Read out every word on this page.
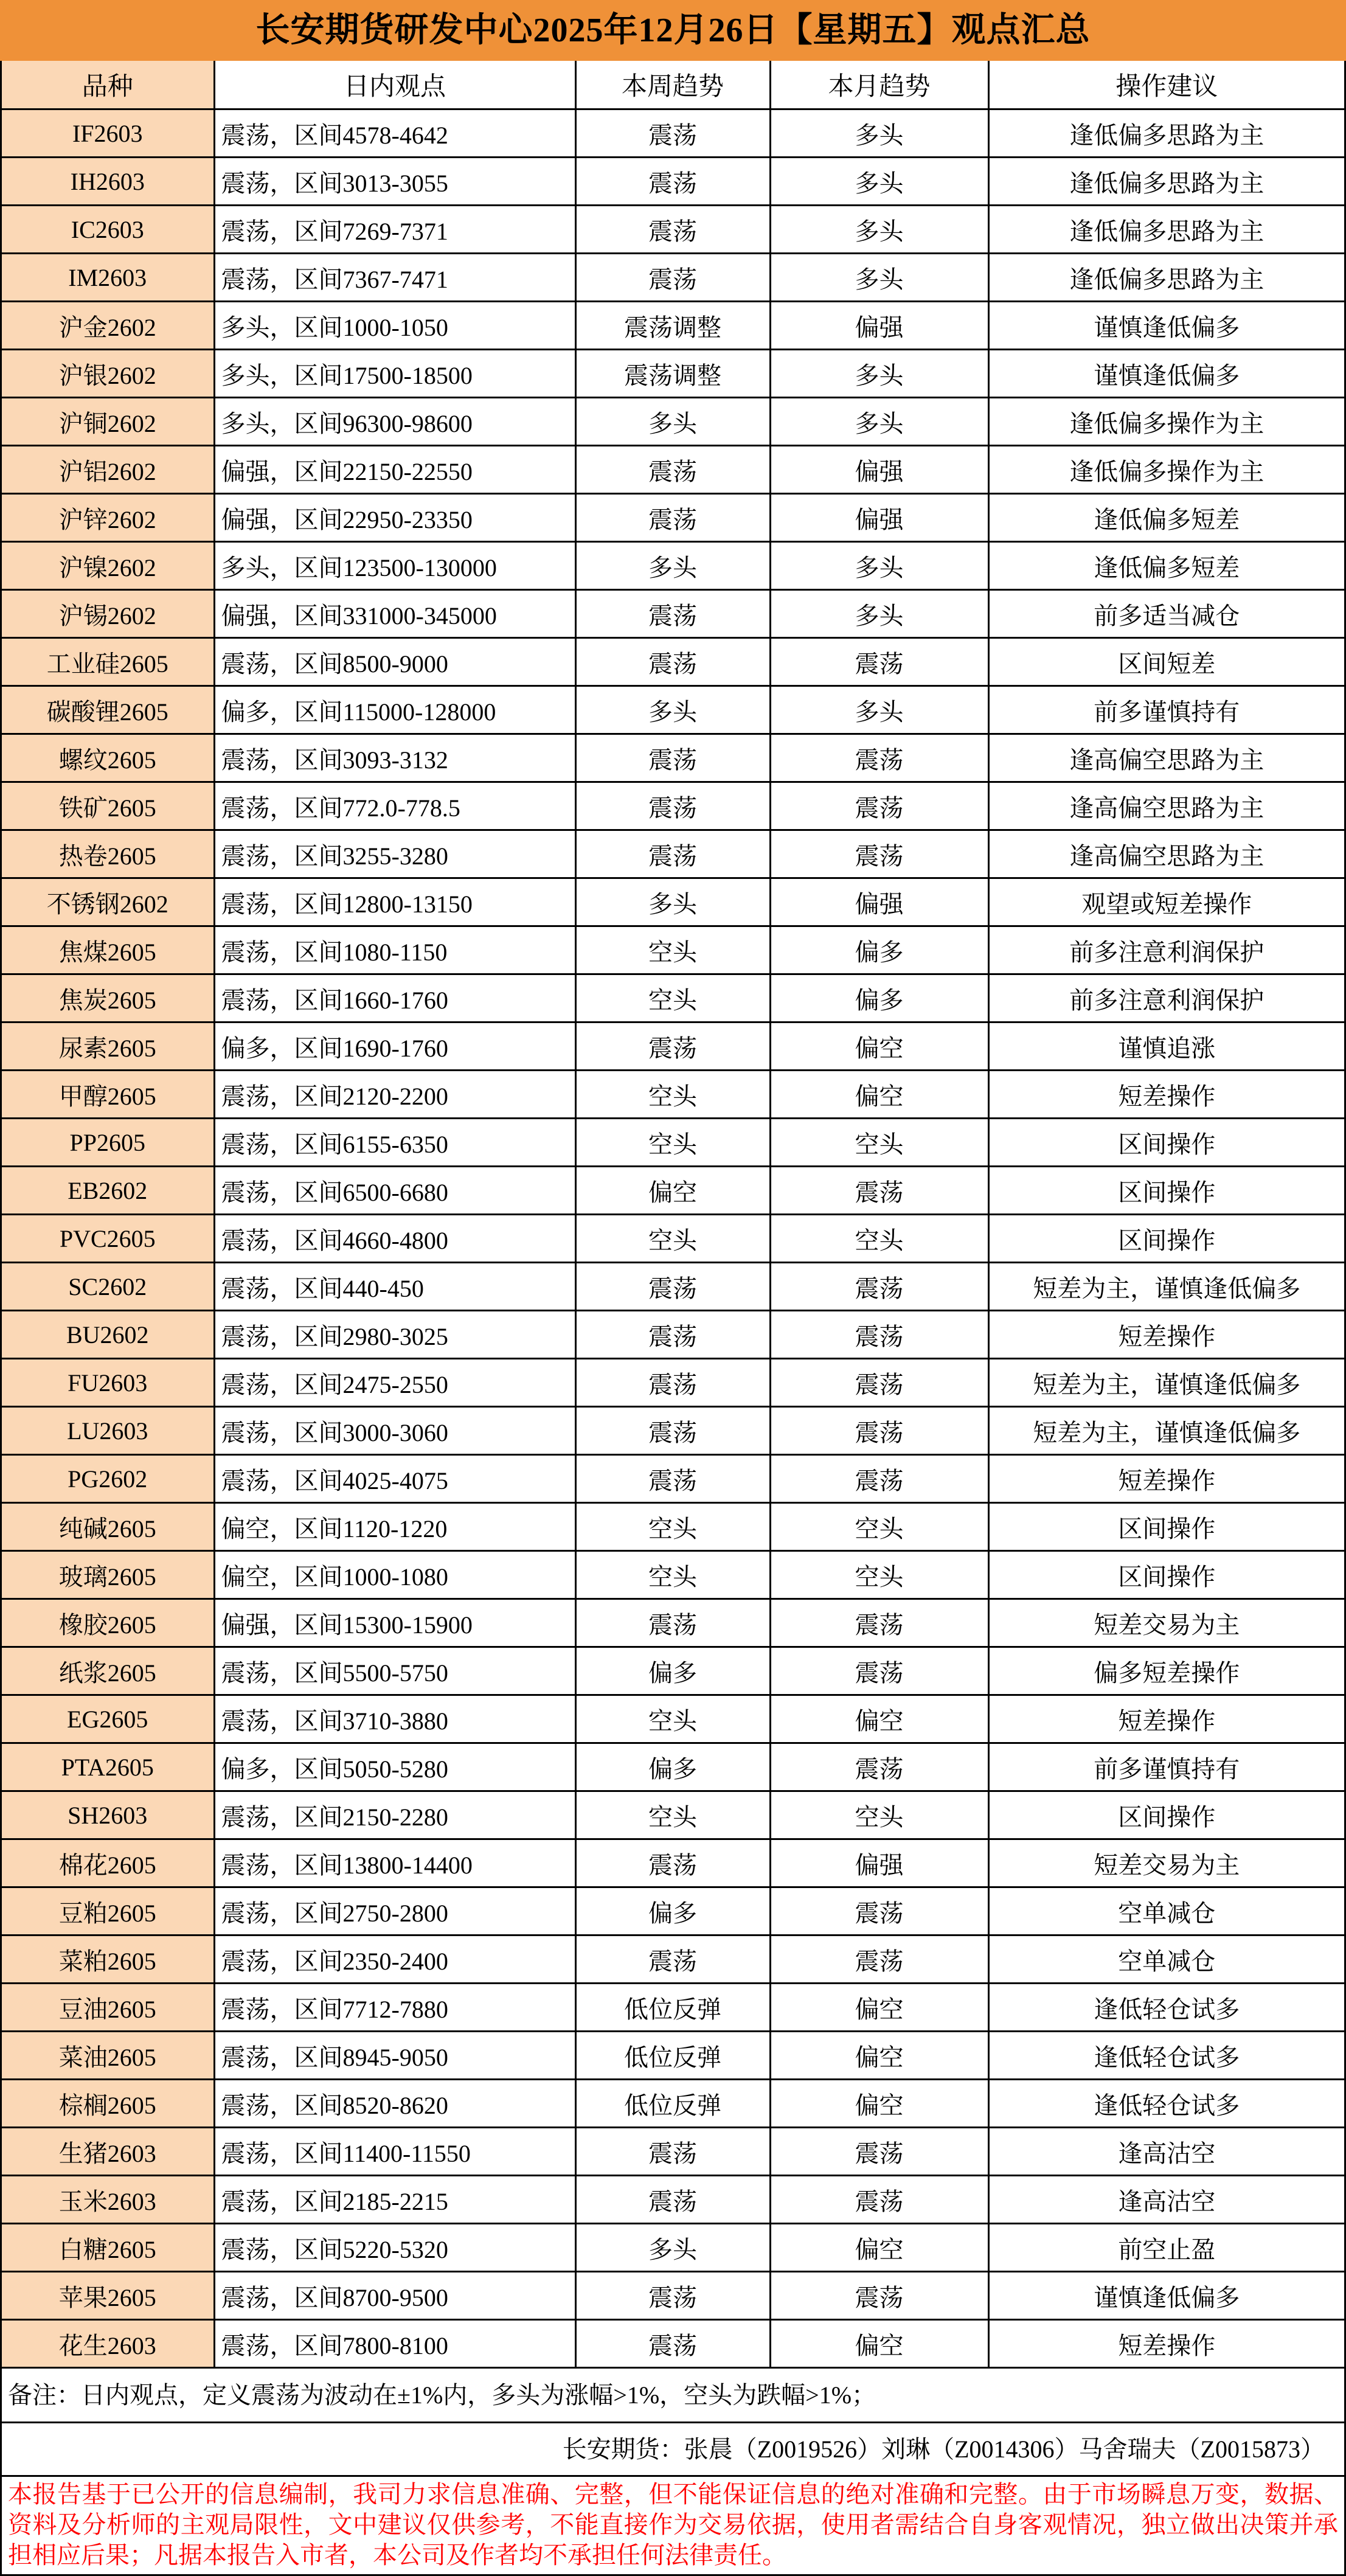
长安期货研发中心2025年12月26日【星期五】观点汇总
品种	日内观点	本周趋势	本月趋势	操作建议
IF2603	震荡，区间4578-4642	震荡	多头	逢低偏多思路为主
IH2603	震荡，区间3013-3055	震荡	多头	逢低偏多思路为主
IC2603	震荡，区间7269-7371	震荡	多头	逢低偏多思路为主
IM2603	震荡，区间7367-7471	震荡	多头	逢低偏多思路为主
沪金2602	多头，区间1000-1050	震荡调整	偏强	谨慎逢低偏多
沪银2602	多头，区间17500-18500	震荡调整	多头	谨慎逢低偏多
沪铜2602	多头，区间96300-98600	多头	多头	逢低偏多操作为主
沪铝2602	偏强，区间22150-22550	震荡	偏强	逢低偏多操作为主
沪锌2602	偏强，区间22950-23350	震荡	偏强	逢低偏多短差
沪镍2602	多头，区间123500-130000	多头	多头	逢低偏多短差
沪锡2602	偏强，区间331000-345000	震荡	多头	前多适当减仓
工业硅2605	震荡，区间8500-9000	震荡	震荡	区间短差
碳酸锂2605	偏多，区间115000-128000	多头	多头	前多谨慎持有
螺纹2605	震荡，区间3093-3132	震荡	震荡	逢高偏空思路为主
铁矿2605	震荡，区间772.0-778.5	震荡	震荡	逢高偏空思路为主
热卷2605	震荡，区间3255-3280	震荡	震荡	逢高偏空思路为主
不锈钢2602	震荡，区间12800-13150	多头	偏强	观望或短差操作
焦煤2605	震荡，区间1080-1150	空头	偏多	前多注意利润保护
焦炭2605	震荡，区间1660-1760	空头	偏多	前多注意利润保护
尿素2605	偏多，区间1690-1760	震荡	偏空	谨慎追涨
甲醇2605	震荡，区间2120-2200	空头	偏空	短差操作
PP2605	震荡，区间6155-6350	空头	空头	区间操作
EB2602	震荡，区间6500-6680	偏空	震荡	区间操作
PVC2605	震荡，区间4660-4800	空头	空头	区间操作
SC2602	震荡，区间440-450	震荡	震荡	短差为主，谨慎逢低偏多
BU2602	震荡，区间2980-3025	震荡	震荡	短差操作
FU2603	震荡，区间2475-2550	震荡	震荡	短差为主，谨慎逢低偏多
LU2603	震荡，区间3000-3060	震荡	震荡	短差为主，谨慎逢低偏多
PG2602	震荡，区间4025-4075	震荡	震荡	短差操作
纯碱2605	偏空，区间1120-1220	空头	空头	区间操作
玻璃2605	偏空，区间1000-1080	空头	空头	区间操作
橡胶2605	偏强，区间15300-15900	震荡	震荡	短差交易为主
纸浆2605	震荡，区间5500-5750	偏多	震荡	偏多短差操作
EG2605	震荡，区间3710-3880	空头	偏空	短差操作
PTA2605	偏多，区间5050-5280	偏多	震荡	前多谨慎持有
SH2603	震荡，区间2150-2280	空头	空头	区间操作
棉花2605	震荡，区间13800-14400	震荡	偏强	短差交易为主
豆粕2605	震荡，区间2750-2800	偏多	震荡	空单减仓
菜粕2605	震荡，区间2350-2400	震荡	震荡	空单减仓
豆油2605	震荡，区间7712-7880	低位反弹	偏空	逢低轻仓试多
菜油2605	震荡，区间8945-9050	低位反弹	偏空	逢低轻仓试多
棕榈2605	震荡，区间8520-8620	低位反弹	偏空	逢低轻仓试多
生猪2603	震荡，区间11400-11550	震荡	震荡	逢高沽空
玉米2603	震荡，区间2185-2215	震荡	震荡	逢高沽空
白糖2605	震荡，区间5220-5320	多头	偏空	前空止盈
苹果2605	震荡，区间8700-9500	震荡	震荡	谨慎逢低偏多
花生2603	震荡，区间7800-8100	震荡	偏空	短差操作
备注：日内观点，定义震荡为波动在±1%内，多头为涨幅>1%，空头为跌幅>1%；
长安期货：张晨（Z0019526）刘琳（Z0014306）马舍瑞夫（Z0015873）
本报告基于已公开的信息编制，我司力求信息准确、完整，但不能保证信息的绝对准确和完整。由于市场瞬息万变，数据、资料及分析师的主观局限性，文中建议仅供参考，不能直接作为交易依据，使用者需结合自身客观情况，独立做出决策并承担相应后果；凡据本报告入市者，本公司及作者均不承担任何法律责任。
